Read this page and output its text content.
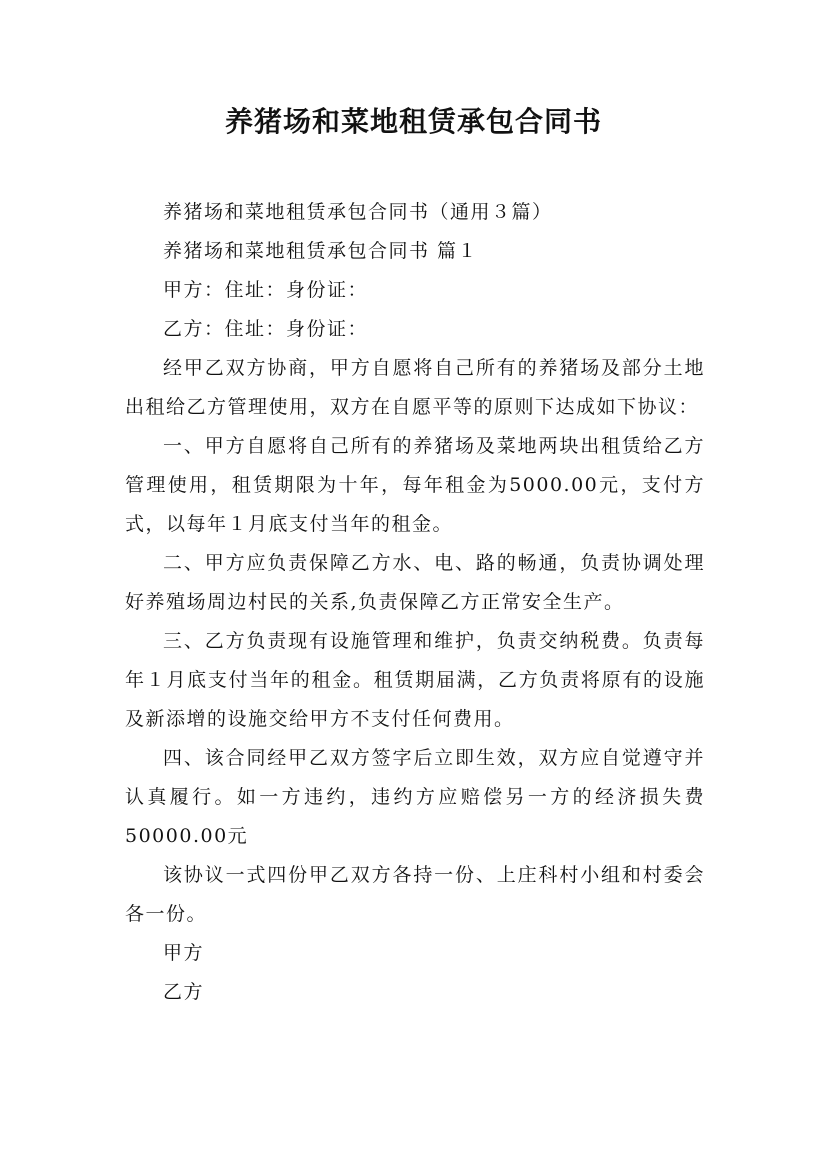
养猪场和菜地租赁承包合同书

养猪场和菜地租赁承包合同书（通用３篇）

养猪场和菜地租赁承包合同书 篇１

甲方：住址：身份证：

乙方：住址：身份证：

经甲乙双方协商，甲方自愿将自己所有的养猪场及部分土地出租给乙方管理使用，双方在自愿平等的原则下达成如下协议：

一、甲方自愿将自己所有的养猪场及菜地两块出租赁给乙方管理使用，租赁期限为十年，每年租金为5000.00元，支付方式，以每年１月底支付当年的租金。

二、甲方应负责保障乙方水、电、路的畅通，负责协调处理好养殖场周边村民的关系,负责保障乙方正常安全生产。

三、乙方负责现有设施管理和维护，负责交纳税费。负责每年１月底支付当年的租金。租赁期届满，乙方负责将原有的设施及新添增的设施交给甲方不支付任何费用。

四、该合同经甲乙双方签字后立即生效，双方应自觉遵守并认真履行。如一方违约，违约方应赔偿另一方的经济损失费50000.00元

该协议一式四份甲乙双方各持一份、上庄科村小组和村委会各一份。

甲方

乙方
